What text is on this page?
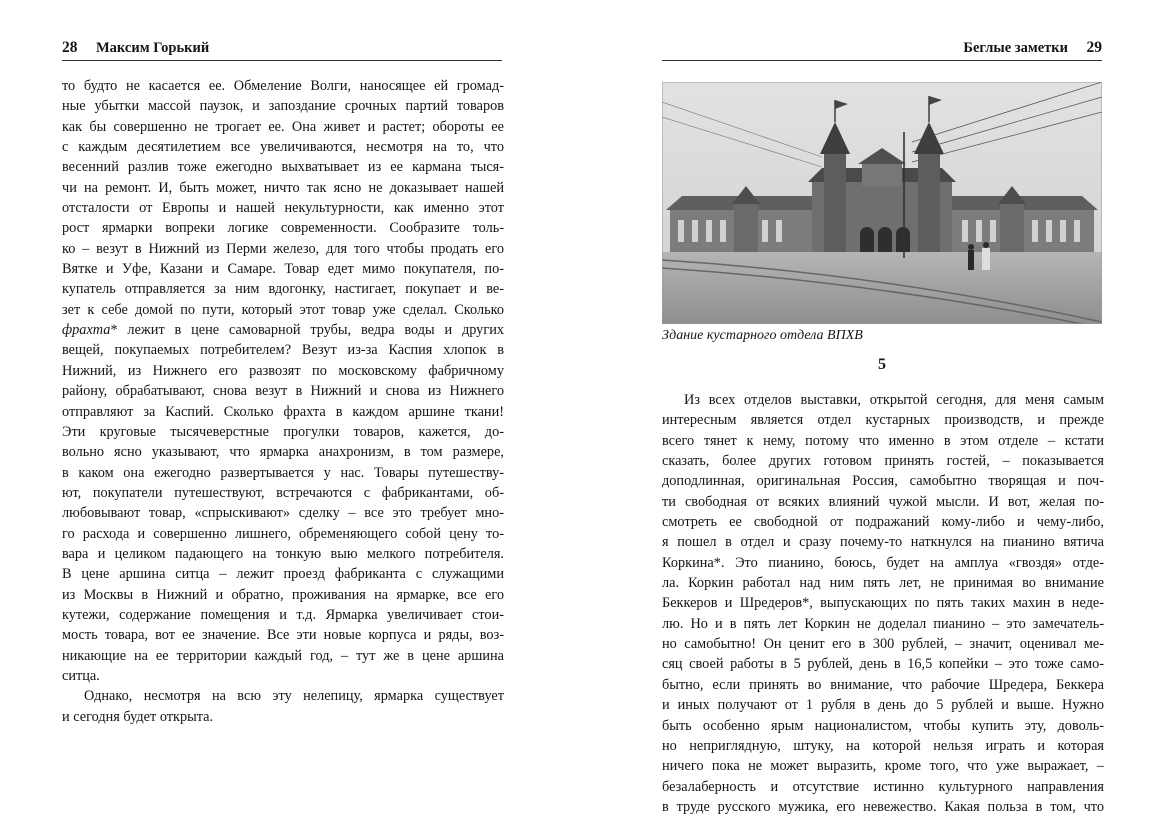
28 Максим Горький
то будто не касается ее. Обмеление Волги, наносящее ей громад-
ные убытки массой паузок, и запоздание срочных партий товаров
как бы совершенно не трогает ее. Она живет и растет; обороты ее
с каждым десятилетием все увеличиваются, несмотря на то, что
весенний разлив тоже ежегодно выхватывает из ее кармана тыся-
чи на ремонт. И, быть может, ничто так ясно не доказывает нашей
отсталости от Европы и нашей некультурности, как именно этот
рост ярмарки вопреки логике современности. Сообразите толь-
ко – везут в Нижний из Перми железо, для того чтобы продать его
Вятке и Уфе, Казани и Самаре. Товар едет мимо покупателя, по-
купатель отправляется за ним вдогонку, настигает, покупает и ве-
зет к себе домой по пути, который этот товар уже сделал. Сколько
фрахта* лежит в цене самоварной трубы, ведра воды и других
вещей, покупаемых потребителем? Везут из-за Каспия хлопок в
Нижний, из Нижнего его развозят по московскому фабричному
району, обрабатывают, снова везут в Нижний и снова из Нижнего
отправляют за Каспий. Сколько фрахта в каждом аршине ткани!
Эти круговые тысячеверстные прогулки товаров, кажется, до-
вольно ясно указывают, что ярмарка анахронизм, в том размере,
в каком она ежегодно развертывается у нас. Товары путешеству-
ют, покупатели путешествуют, встречаются с фабрикантами, об-
любовывают товар, «спрыскивают» сделку – все это требует мно-
го расхода и совершенно лишнего, обременяющего собой цену то-
вара и целиком падающего на тонкую выю мелкого потребителя.
В цене аршина ситца – лежит проезд фабриканта с служащими
из Москвы в Нижний и обратно, проживания на ярмарке, все его
кутежи, содержание помещения и т.д. Ярмарка увеличивает стои-
мость товара, вот ее значение. Все эти новые корпуса и ряды, воз-
никающие на ее территории каждый год, – тут же в цене аршина
ситца.
Однако, несмотря на всю эту нелепицу, ярмарка существует
и сегодня будет открыта.
Беглые заметки 29
Здание кустарного отдела ВПХВ
5
Из всех отделов выставки, открытой сегодня, для меня самым
интересным является отдел кустарных производств, и прежде
всего тянет к нему, потому что именно в этом отделе – кстати
сказать, более других готовом принять гостей, – показывается
доподлинная, оригинальная Россия, самобытно творящая и поч-
ти свободная от всяких влияний чужой мысли. И вот, желая по-
смотреть ее свободной от подражаний кому-либо и чему-либо,
я пошел в отдел и сразу почему-то наткнулся на пианино вятича
Коркина*. Это пианино, боюсь, будет на амплуа «гвоздя» отде-
ла. Коркин работал над ним пять лет, не принимая во внимание
Беккеров и Шредеров*, выпускающих по пять таких махин в неде-
лю. Но и в пять лет Коркин не доделал пианино – это замечатель-
но самобытно! Он ценит его в 300 рублей, – значит, оценивал ме-
сяц своей работы в 5 рублей, день в 16,5 копейки – это тоже само-
бытно, если принять во внимание, что рабочие Шредера, Беккера
и иных получают от 1 рубля в день до 5 рублей и выше. Нужно
быть особенно ярым националистом, чтобы купить эту, доволь-
но неприглядную, штуку, на которой нельзя играть и которая
ничего пока не может выразить, кроме того, что уже выражает, –
безалаберность и отсутствие истинно культурного направления
в труде русского мужика, его невежество. Какая польза в том, что
